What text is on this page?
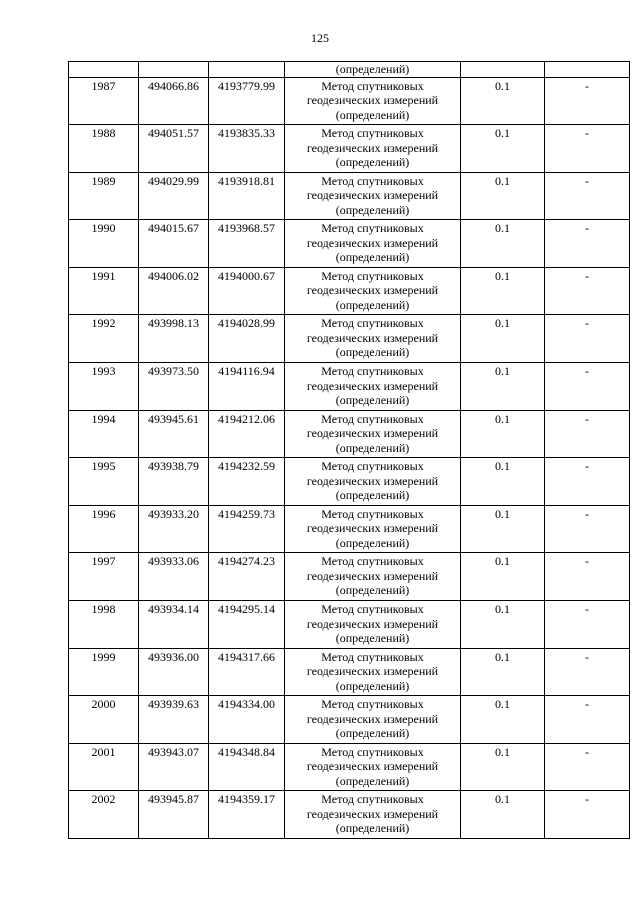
125
			(определений)		
1987	494066.86	4193779.99	Метод спутниковых геодезических измерений (определений)	0.1	-
1988	494051.57	4193835.33	Метод спутниковых геодезических измерений (определений)	0.1	-
1989	494029.99	4193918.81	Метод спутниковых геодезических измерений (определений)	0.1	-
1990	494015.67	4193968.57	Метод спутниковых геодезических измерений (определений)	0.1	-
1991	494006.02	4194000.67	Метод спутниковых геодезических измерений (определений)	0.1	-
1992	493998.13	4194028.99	Метод спутниковых геодезических измерений (определений)	0.1	-
1993	493973.50	4194116.94	Метод спутниковых геодезических измерений (определений)	0.1	-
1994	493945.61	4194212.06	Метод спутниковых геодезических измерений (определений)	0.1	-
1995	493938.79	4194232.59	Метод спутниковых геодезических измерений (определений)	0.1	-
1996	493933.20	4194259.73	Метод спутниковых геодезических измерений (определений)	0.1	-
1997	493933.06	4194274.23	Метод спутниковых геодезических измерений (определений)	0.1	-
1998	493934.14	4194295.14	Метод спутниковых геодезических измерений (определений)	0.1	-
1999	493936.00	4194317.66	Метод спутниковых геодезических измерений (определений)	0.1	-
2000	493939.63	4194334.00	Метод спутниковых геодезических измерений (определений)	0.1	-
2001	493943.07	4194348.84	Метод спутниковых геодезических измерений (определений)	0.1	-
2002	493945.87	4194359.17	Метод спутниковых геодезических измерений (определений)	0.1	-
